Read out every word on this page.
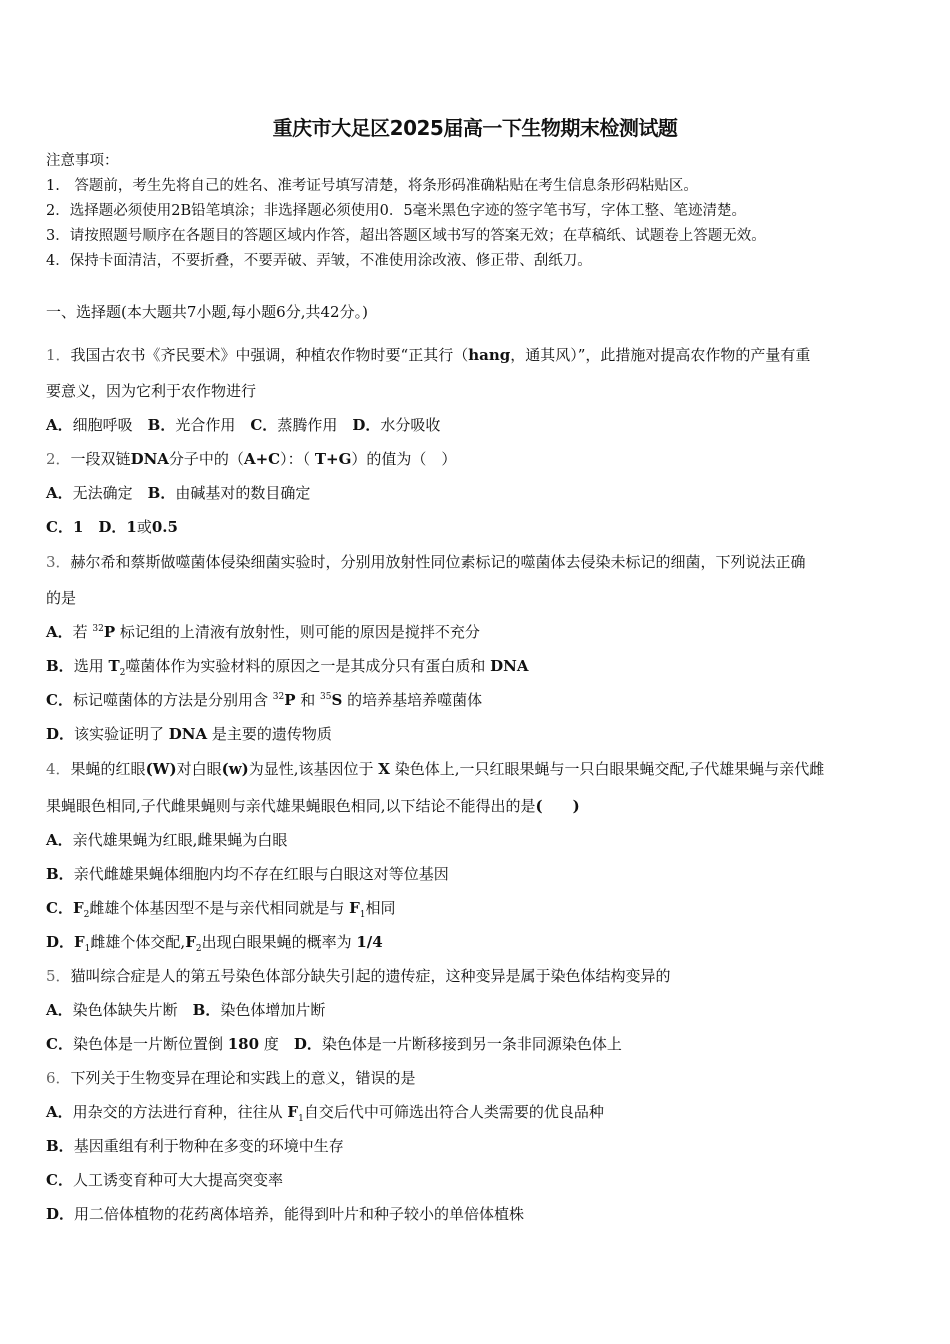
重庆市大足区2025届高一下生物期末检测试题
注意事项：
1.　答题前，考生先将自己的姓名、准考证号填写清楚，将条形码准确粘贴在考生信息条形码粘贴区。
2．选择题必须使用2B铅笔填涂；非选择题必须使用0．5毫米黑色字迹的签字笔书写，字体工整、笔迹清楚。
3．请按照题号顺序在各题目的答题区域内作答，超出答题区域书写的答案无效；在草稿纸、试题卷上答题无效。
4．保持卡面清洁，不要折叠，不要弄破、弄皱，不准使用涂改液、修正带、刮纸刀。
一、选择题(本大题共7小题,每小题6分,共42分。)
1．我国古农书《齐民要术》中强调，种植农作物时要“正其行（hang，通其风）”，此措施对提高农作物的产量有重
要意义，因为它利于农作物进行
A．细胞呼吸　B．光合作用　C．蒸腾作用　D．水分吸收
2．一段双链DNA分子中的（A+C）：（ T+G）的值为（　）
A．无法确定　B．由碱基对的数目确定
C．1　D．1或0.5
3．赫尔希和蔡斯做噬菌体侵染细菌实验时，分别用放射性同位素标记的噬菌体去侵染未标记的细菌，下列说法正确
的是
A．若 $^{32}$P 标记组的上清液有放射性，则可能的原因是搅拌不充分
B．选用 $T_2$噬菌体作为实验材料的原因之一是其成分只有蛋白质和 DNA
C．标记噬菌体的方法是分别用含 $^{32}$P 和 $^{35}$S 的培养基培养噬菌体
D．该实验证明了 DNA 是主要的遗传物质
4．果蝇的红眼(W)对白眼(w)为显性,该基因位于 X 染色体上,一只红眼果蝇与一只白眼果蝇交配,子代雄果蝇与亲代雌
果蝇眼色相同,子代雌果蝇则与亲代雄果蝇眼色相同,以下结论不能得出的是(　　)
A．亲代雄果蝇为红眼,雌果蝇为白眼
B．亲代雌雄果蝇体细胞内均不存在红眼与白眼这对等位基因
C．$F_2$雌雄个体基因型不是与亲代相同就是与 $F_1$相同
D．$F_1$雌雄个体交配$,F_2$出现白眼果蝇的概率为 1/4
5．猫叫综合症是人的第五号染色体部分缺失引起的遗传症，这种变异是属于染色体结构变异的
A．染色体缺失片断　B．染色体增加片断
C．染色体是一片断位置倒 180 度　D．染色体是一片断移接到另一条非同源染色体上
6．下列关于生物变异在理论和实践上的意义，错误的是
A．用杂交的方法进行育种，往往从 $F_1$自交后代中可筛选出符合人类需要的优良品种
B．基因重组有利于物种在多变的环境中生存
C．人工诱变育种可大大提高突变率
D．用二倍体植物的花药离体培养，能得到叶片和种子较小的单倍体植株
